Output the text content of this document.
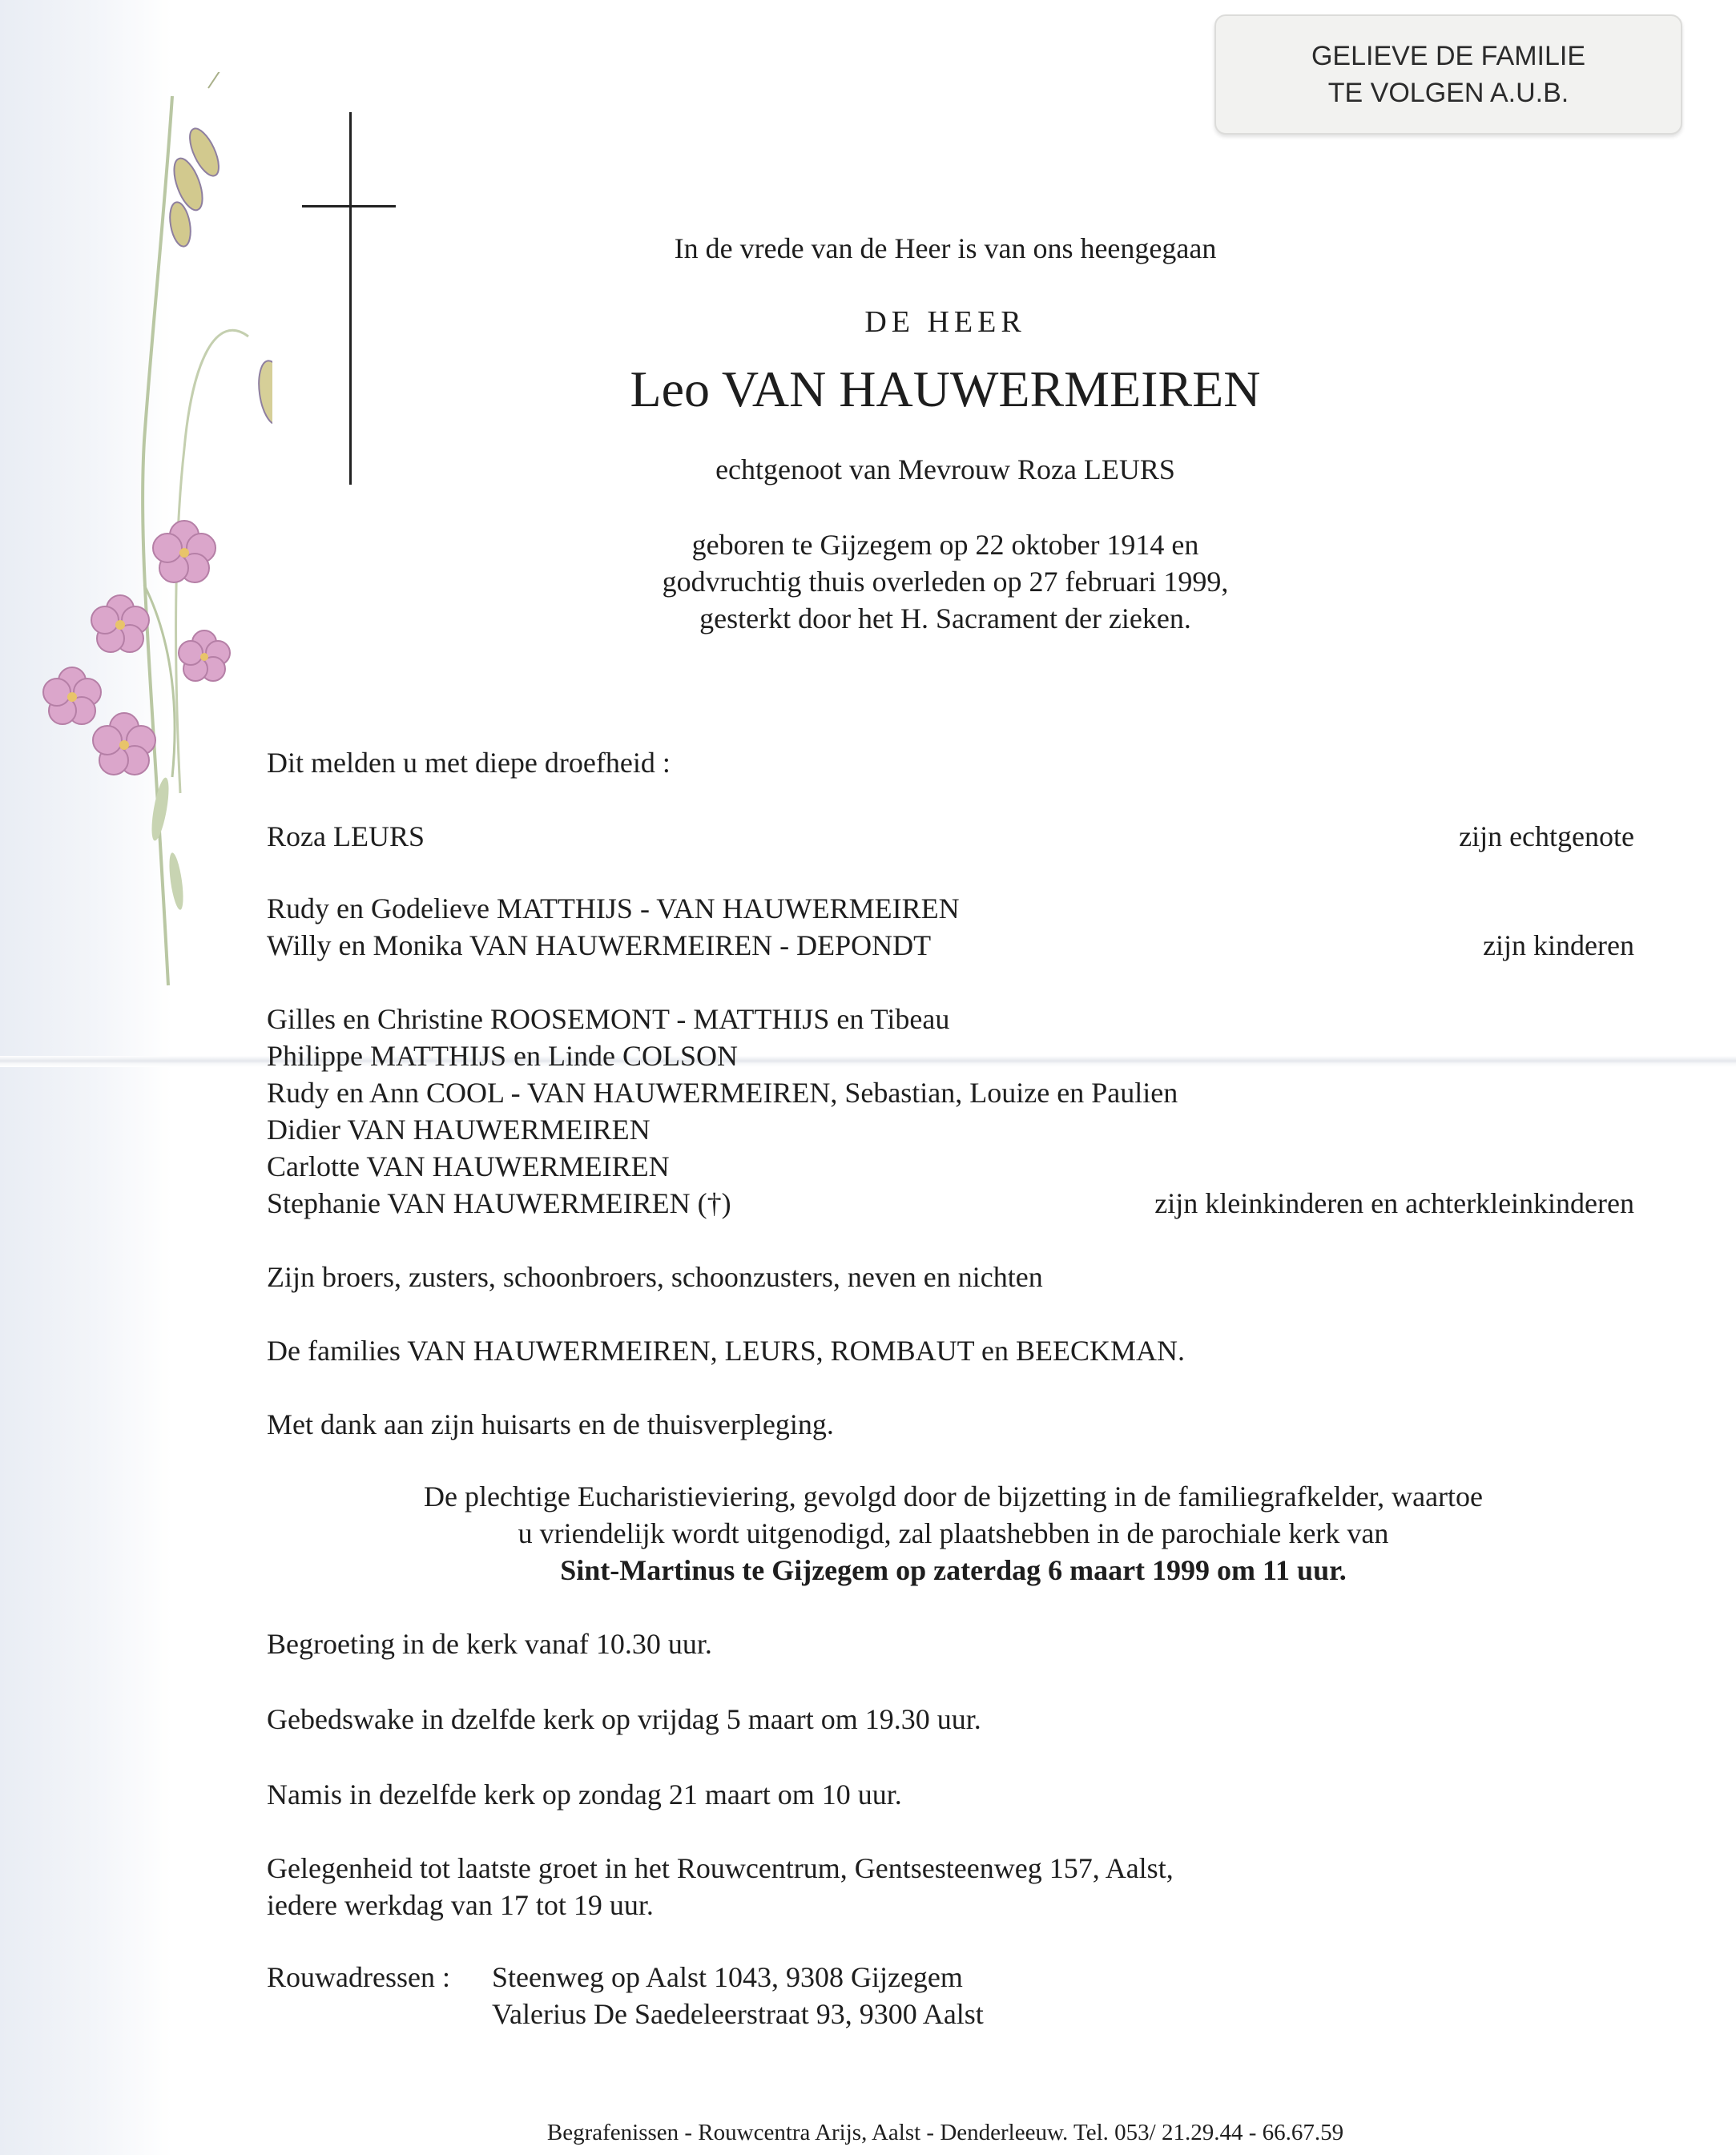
GELIEVE DE FAMILIE
TE VOLGEN A.U.B.
In de vrede van de Heer is van ons heengegaan
DE HEER
Leo VAN HAUWERMEIREN
echtgenoot van Mevrouw Roza LEURS
geboren te Gijzegem op 22 oktober 1914 en
godvruchtig thuis overleden op 27 februari 1999,
gesterkt door het H. Sacrament der zieken.
Dit melden u met diepe droefheid :
Roza LEURS	zijn echtgenote
Rudy en Godelieve MATTHIJS - VAN HAUWERMEIREN
Willy en Monika VAN HAUWERMEIREN - DEPONDT	zijn kinderen
Gilles en Christine ROOSEMONT - MATTHIJS en Tibeau
Philippe MATTHIJS en Linde COLSON
Rudy en Ann COOL - VAN HAUWERMEIREN, Sebastian, Louize en Paulien
Didier VAN HAUWERMEIREN
Carlotte VAN HAUWERMEIREN
Stephanie VAN HAUWERMEIREN (†)	zijn kleinkinderen en achterkleinkinderen
Zijn broers, zusters, schoonbroers, schoonzusters, neven en nichten
De families VAN HAUWERMEIREN, LEURS, ROMBAUT en BEECKMAN.
Met dank aan zijn huisarts en de thuisverpleging.
De plechtige Eucharistieviering, gevolgd door de bijzetting in de familiegrafkelder, waartoe
u vriendelijk wordt uitgenodigd, zal plaatshebben in de parochiale kerk van
Sint-Martinus te Gijzegem op zaterdag 6 maart 1999 om 11 uur.
Begroeting in de kerk vanaf 10.30 uur.
Gebedswake in dzelfde kerk op vrijdag 5 maart om 19.30 uur.
Namis in dezelfde kerk op zondag 21 maart om 10 uur.
Gelegenheid tot laatste groet in het Rouwcentrum, Gentsesteenweg 157, Aalst,
iedere werkdag van 17 tot 19 uur.
Rouwadressen : Steenweg op Aalst 1043, 9308 Gijzegem
Valerius De Saedeleerstraat 93, 9300 Aalst
Begrafenissen - Rouwcentra Arijs, Aalst - Denderleeuw. Tel. 053/ 21.29.44 - 66.67.59
